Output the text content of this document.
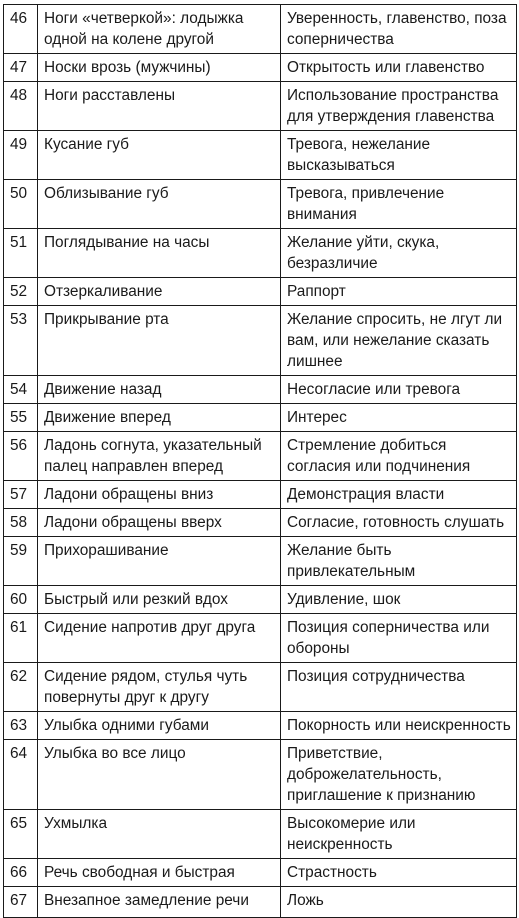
46	Ноги «четверкой»: лодыжка одной на колене другой	Уверенность, главенство, поза соперничества
47	Носки врозь (мужчины)	Открытость или главенство
48	Ноги расставлены	Использование пространства для утверждения главенства
49	Кусание губ	Тревога, нежелание высказываться
50	Облизывание губ	Тревога, привлечение внимания
51	Поглядывание на часы	Желание уйти, скука, безразличие
52	Отзеркаливание	Раппорт
53	Прикрывание рта	Желание спросить, не лгут ли вам, или нежелание сказать лишнее
54	Движение назад	Несогласие или тревога
55	Движение вперед	Интерес
56	Ладонь согнута, указательный палец направлен вперед	Стремление добиться согласия или подчинения
57	Ладони обращены вниз	Демонстрация власти
58	Ладони обращены вверх	Согласие, готовность слушать
59	Прихорашивание	Желание быть привлекательным
60	Быстрый или резкий вдох	Удивление, шок
61	Сидение напротив друг друга	Позиция соперничества или обороны
62	Сидение рядом, стулья чуть повернуты друг к другу	Позиция сотрудничества
63	Улыбка одними губами	Покорность или неискренность
64	Улыбка во все лицо	Приветствие, доброжелательность, приглашение к признанию
65	Ухмылка	Высокомерие или неискренность
66	Речь свободная и быстрая	Страстность
67	Внезапное замедление речи	Ложь
